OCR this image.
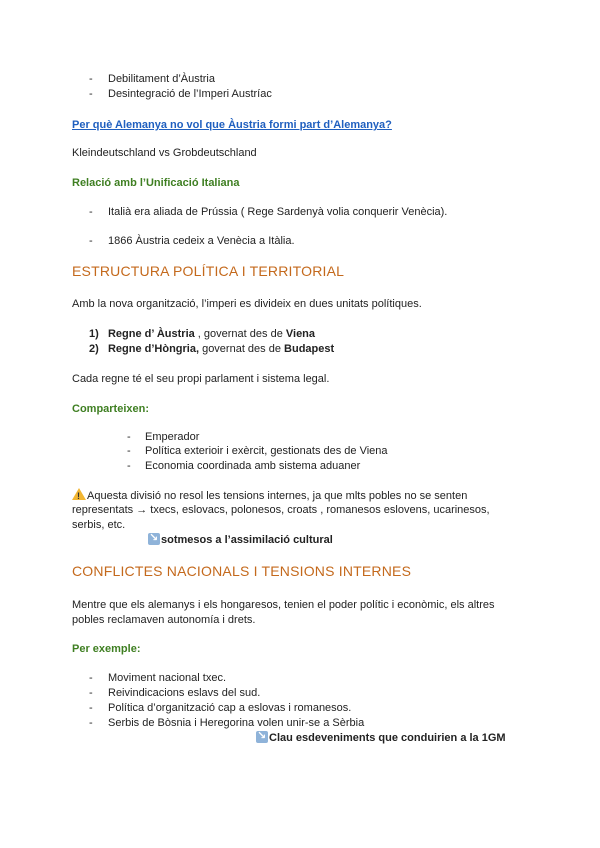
- Debilitament d’Àustria
- Desintegració de l’Imperi Austríac
Per què Alemanya no vol que Àustria formi part d’Alemanya?
Kleindeutschland vs Grobdeutschland
Relació amb l’Unificació Italiana
- Italià era aliada de Prússia ( Rege Sardenyà volia conquerir Venècia).
- 1866 Àustria cedeix a Venècia a Itàlia.
ESTRUCTURA POLÍTICA I TERRITORIAL
Amb la nova organització, l’imperi es divideix en dues unitats polítiques.
1) Regne d’ Àustria , governat des de Viena
2) Regne d’Hòngria, governat des de Budapest
Cada regne té el seu propi parlament i sistema legal.
Comparteixen:
- Emperador
- Política exterioir i exèrcit, gestionats des de Viena
- Economia coordinada amb sistema aduaner
!Aquesta divisió no resol les tensions internes, ja que mlts pobles no se senten
representats → txecs, eslovacs, polonesos, croats , romanesos eslovens, ucarinesos,
serbis, etc.
↘sotmesos a l’assimilació cultural
CONFLICTES NACIONALS I TENSIONS INTERNES
Mentre que els alemanys i els hongaresos, tenien el poder polític i econòmic, els altres
pobles reclamaven autonomía i drets.
Per exemple:
- Moviment nacional txec.
- Reivindicacions eslavs del sud.
- Política d’organització cap a eslovas i romanesos.
- Serbis de Bòsnia i Heregorina volen unir-se a Sèrbia
↘Clau esdeveniments que conduirien a la 1GM
